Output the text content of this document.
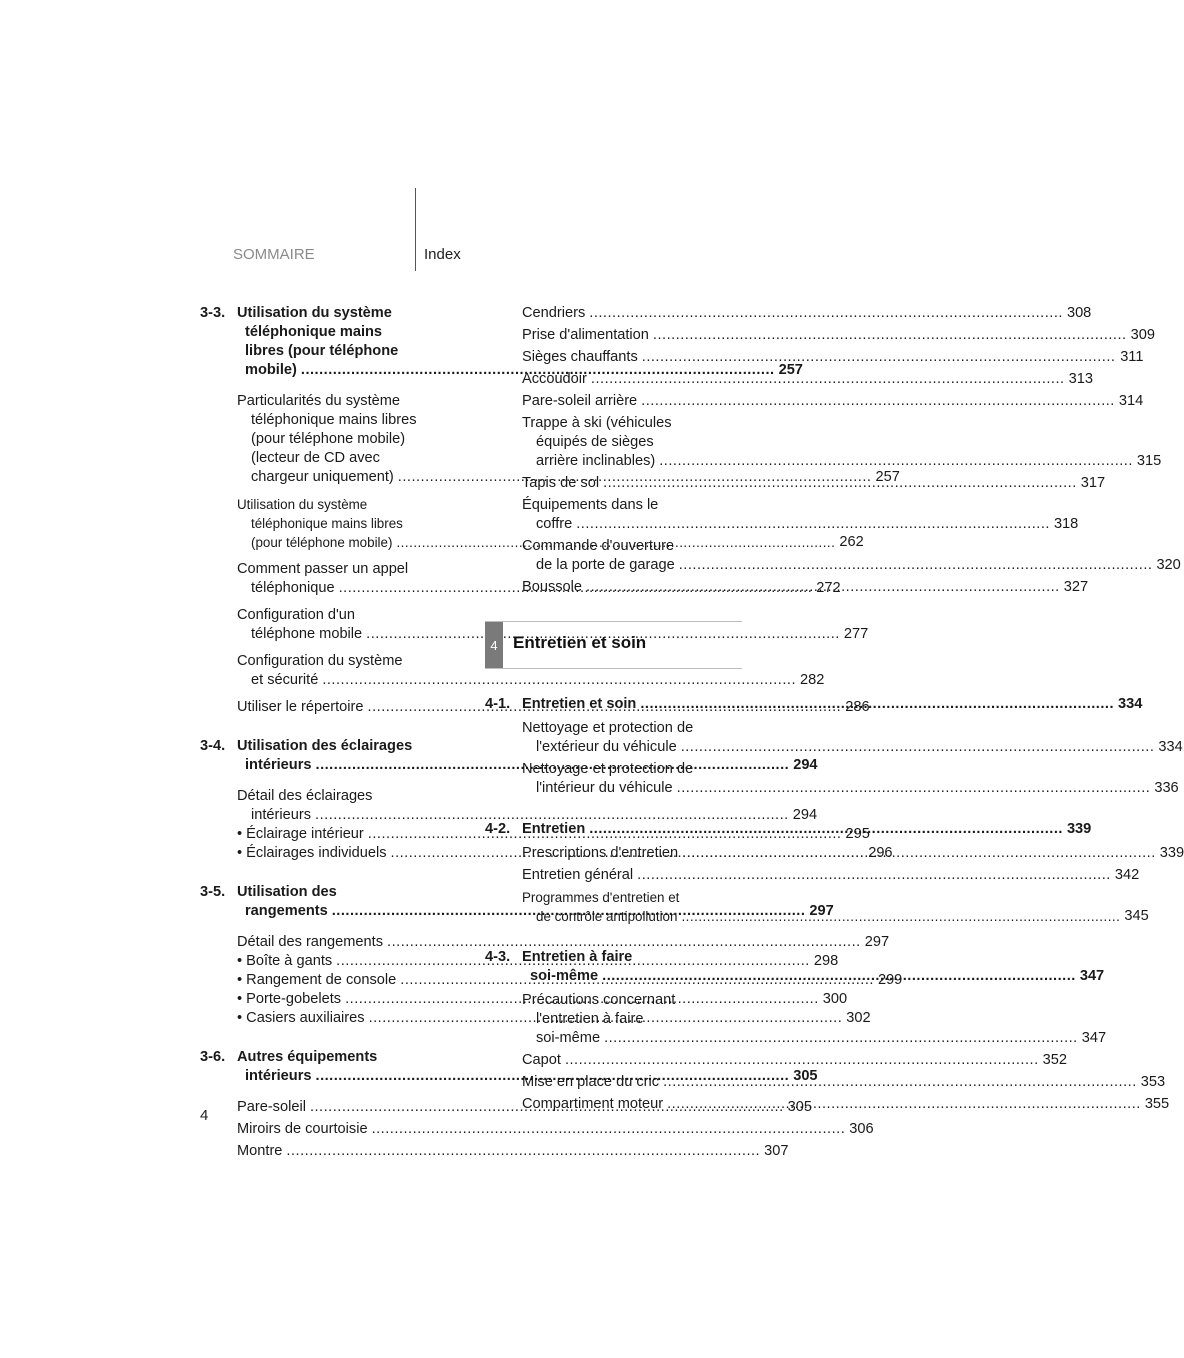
SOMMAIRE	Index
3-3. Utilisation du système
téléphonique mains
libres (pour téléphone
mobile) .....	257
Particularités du système
téléphonique mains libres
(pour téléphone mobile)
(lecteur de CD avec
chargeur uniquement) .....	257
Utilisation du système
téléphonique mains libres
(pour téléphone mobile) .....	262
Comment passer un appel
téléphonique .....	272
Configuration d'un
téléphone mobile .....	277
Configuration du système
et sécurité .....	282
Utiliser le répertoire .....	286
3-4. Utilisation des éclairages
intérieurs .....	294
Détail des éclairages
intérieurs .....	294
• Éclairage intérieur .....	295
• Éclairages individuels .....	296
3-5. Utilisation des
rangements .....	297
Détail des rangements .....	297
• Boîte à gants .....	298
• Rangement de console .....	299
• Porte-gobelets .....	300
• Casiers auxiliaires .....	302
3-6. Autres équipements
intérieurs .....	305
Pare-soleil .....	305
Miroirs de courtoisie .....	306
Montre .....	307
Cendriers .....	308
Prise d'alimentation .....	309
Sièges chauffants .....	311
Accoudoir .....	313
Pare-soleil arrière .....	314
Trappe à ski (véhicules
équipés de sièges
arrière inclinables) .....	315
Tapis de sol .....	317
Équipements dans le
coffre .....	318
Commande d'ouverture
de la porte de garage .....	320
Boussole .....	327
4 Entretien et soin
4-1. Entretien et soin .....	334
Nettoyage et protection de
l'extérieur du véhicule .....	334
Nettoyage et protection de
l'intérieur du véhicule .....	336
4-2. Entretien .....	339
Prescriptions d'entretien .....	339
Entretien général .....	342
Programmes d'entretien et
de contrôle antipollution .....	345
4-3. Entretien à faire
soi-même .....	347
Précautions concernant
l'entretien à faire
soi-même .....	347
Capot .....	352
Mise en place du cric .....	353
Compartiment moteur .....	355
4
